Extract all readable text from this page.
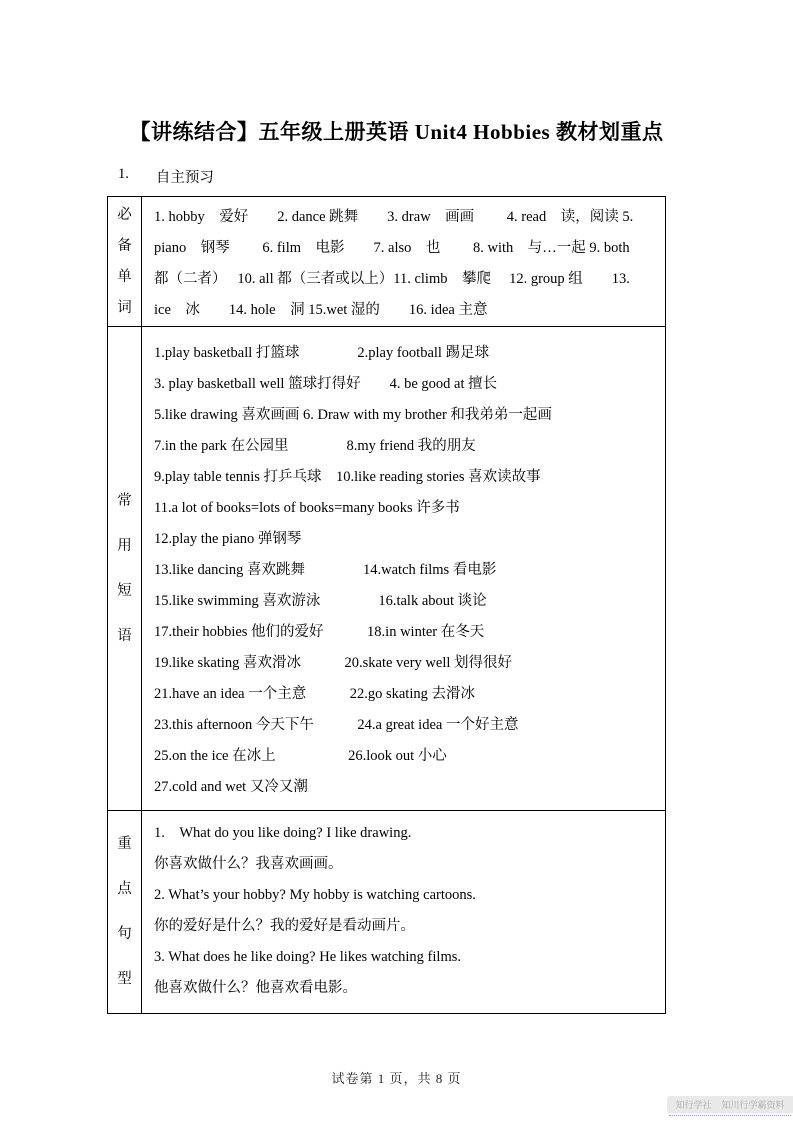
【讲练结合】五年级上册英语 Unit4 Hobbies 教材划重点
1. 自主预习
必
备
单
词
1. hobby　爱好　　2. dance 跳舞　　3. draw　画画　　 4. read　读，阅读 5.
piano　钢琴　　 6. film　电影　　7. also　也　　 8. with　与…一起 9. both
都（二者）　 10. all 都（三者或以上）11. climb　攀爬　 12. group 组　　13.
ice　冰　　14. hole　洞 15.wet 湿的　　16. idea 主意
常
用
短
语
1.play basketball 打篮球　　　　2.play football 踢足球
3. play basketball well 篮球打得好　　4. be good at 擅长
5.like drawing 喜欢画画 6. Draw with my brother 和我弟弟一起画
7.in the park 在公园里　　　　8.my friend 我的朋友
9.play table tennis 打乒乓球　10.like reading stories 喜欢读故事
11.a lot of books=lots of books=many books 许多书
12.play the piano 弹钢琴
13.like dancing 喜欢跳舞　　　　14.watch films 看电影
15.like swimming 喜欢游泳　　　　16.talk about 谈论
17.their hobbies 他们的爱好　　　18.in winter 在冬天
19.like skating 喜欢滑冰　　　20.skate very well 划得很好
21.have an idea 一个主意　　　22.go skating 去滑冰
23.this afternoon 今天下午　　　24.a great idea 一个好主意
25.on the ice 在冰上　　　　　26.look out 小心
27.cold and wet 又冷又潮
重
点
句
型
1.　What do you like doing? I like drawing.
你喜欢做什么？我喜欢画画。
2. What’s your hobby? My hobby is watching cartoons.
你的爱好是什么？我的爱好是看动画片。
3. What does he like doing? He likes watching films.
他喜欢做什么？他喜欢看电影。
试卷第 1 页，共 8 页
知行学社 知川行学霸资料
